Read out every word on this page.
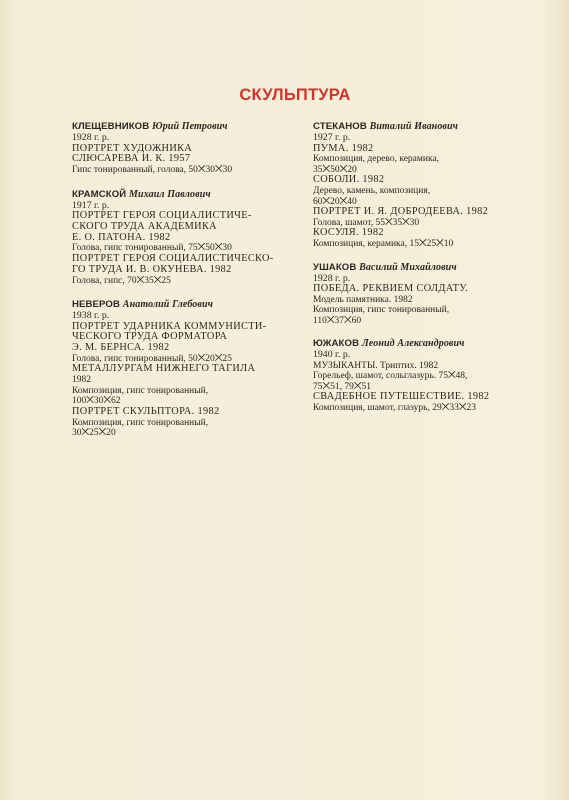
СКУЛЬПТУРА
КЛЕЩЕВНИКОВ Юрий Петрович
1928 г. р.
ПОРТРЕТ ХУДОЖНИКА
СЛЮСАРЕВА И. К. 1957
Гипс тонированный, голова, 50⨉30⨉30
КРАМСКОЙ Михаил Павлович
1917 г. р.
ПОРТРЕТ ГЕРОЯ СОЦИАЛИСТИЧЕ-
СКОГО ТРУДА АКАДЕМИКА
Е. О. ПАТОНА. 1982
Голова, гипс тонированный, 75⨉50⨉30
ПОРТРЕТ ГЕРОЯ СОЦИАЛИСТИЧЕСКО-
ГО ТРУДА И. В. ОКУНЕВА. 1982
Голова, гипс, 70⨉35⨉25
НЕВЕРОВ Анатолий Глебович
1938 г. р.
ПОРТРЕТ УДАРНИКА КОММУНИСТИ-
ЧЕСКОГО ТРУДА ФОРМАТОРА
Э. М. БЕРНСА. 1982
Голова, гипс тонированный, 50⨉20⨉25
МЕТАЛЛУРГАМ НИЖНЕГО ТАГИЛА
1982
Композиция, гипс тонированный,
100⨉30⨉62
ПОРТРЕТ СКУЛЬПТОРА. 1982
Композиция, гипс тонированный,
30⨉25⨉20
СТЕКАНОВ Виталий Иванович
1927 г. р.
ПУМА. 1982
Композиция, дерево, керамика,
35⨉50⨉20
СОБОЛИ. 1982
Дерево, камень, композиция,
60⨉20⨉40
ПОРТРЕТ И. Я. ДОБРОДЕЕВА. 1982
Голова, шамот, 55⨉35⨉30
КОСУЛЯ. 1982
Композиция, керамика, 15⨉25⨉10
УШАКОВ Василий Михайлович
1928 г. р.
ПОБЕДА. РЕКВИЕМ СОЛДАТУ.
Модель памятника. 1982
Композиция, гипс тонированный,
110⨉37⨉60
ЮЖАКОВ Леонид Александрович
1940 г. р.
МУЗЫКАНТЫ. Триптих. 1982
Горельеф, шамот, сольглазурь. 75⨉48,
75⨉51, 79⨉51
СВАДЕБНОЕ ПУТЕШЕСТВИЕ. 1982
Композиция, шамот, глазурь, 29⨉33⨉23
